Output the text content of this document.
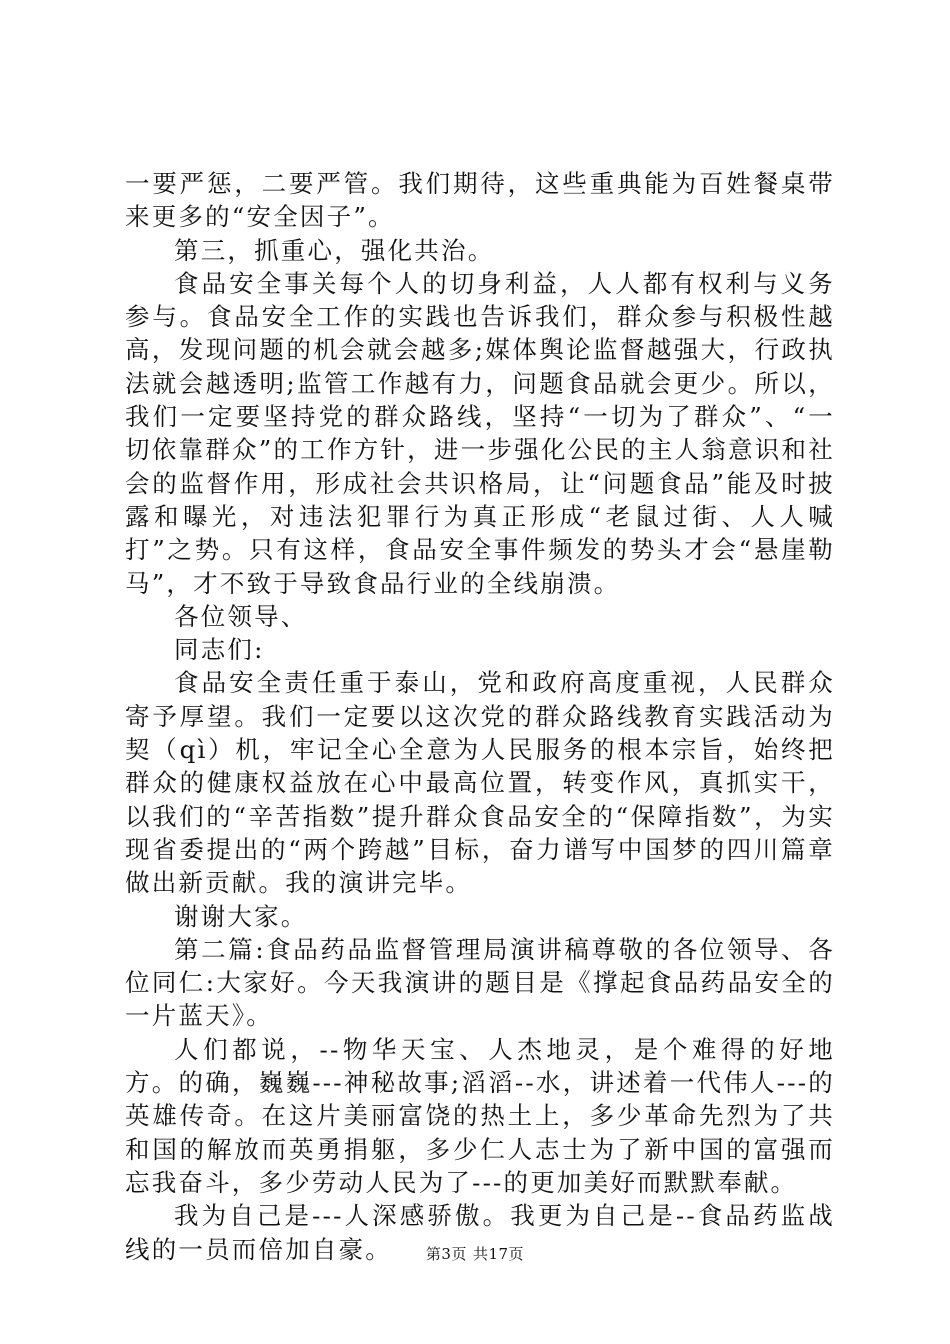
一要严惩，二要严管。我们期待，这些重典能为百姓餐桌带来更多的“安全因子”。

第三，抓重心，强化共治。

食品安全事关每个人的切身利益，人人都有权利与义务参与。食品安全工作的实践也告诉我们，群众参与积极性越高，发现问题的机会就会越多;媒体舆论监督越强大，行政执法就会越透明;监管工作越有力，问题食品就会更少。所以，我们一定要坚持党的群众路线，坚持“一切为了群众”、“一切依靠群众”的工作方针，进一步强化公民的主人翁意识和社会的监督作用，形成社会共识格局，让“问题食品”能及时披露和曝光，对违法犯罪行为真正形成“老鼠过街、人人喊打”之势。只有这样，食品安全事件频发的势头才会“悬崖勒马”，才不致于导致食品行业的全线崩溃。

各位领导、

同志们:

食品安全责任重于泰山，党和政府高度重视，人民群众寄予厚望。我们一定要以这次党的群众路线教育实践活动为契（qì）机，牢记全心全意为人民服务的根本宗旨，始终把群众的健康权益放在心中最高位置，转变作风，真抓实干，以我们的“辛苦指数”提升群众食品安全的“保障指数”，为实现省委提出的“两个跨越”目标，奋力谱写中国梦的四川篇章做出新贡献。我的演讲完毕。

谢谢大家。

第二篇:食品药品监督管理局演讲稿尊敬的各位领导、各位同仁:大家好。今天我演讲的题目是《撑起食品药品安全的一片蓝天》。

人们都说，--物华天宝、人杰地灵，是个难得的好地方。的确，巍巍---神秘故事;滔滔--水，讲述着一代伟人---的英雄传奇。在这片美丽富饶的热土上，多少革命先烈为了共和国的解放而英勇捐躯，多少仁人志士为了新中国的富强而忘我奋斗，多少劳动人民为了---的更加美好而默默奉献。

我为自己是---人深感骄傲。我更为自己是--食品药监战线的一员而倍加自豪。	第3页 共17页
